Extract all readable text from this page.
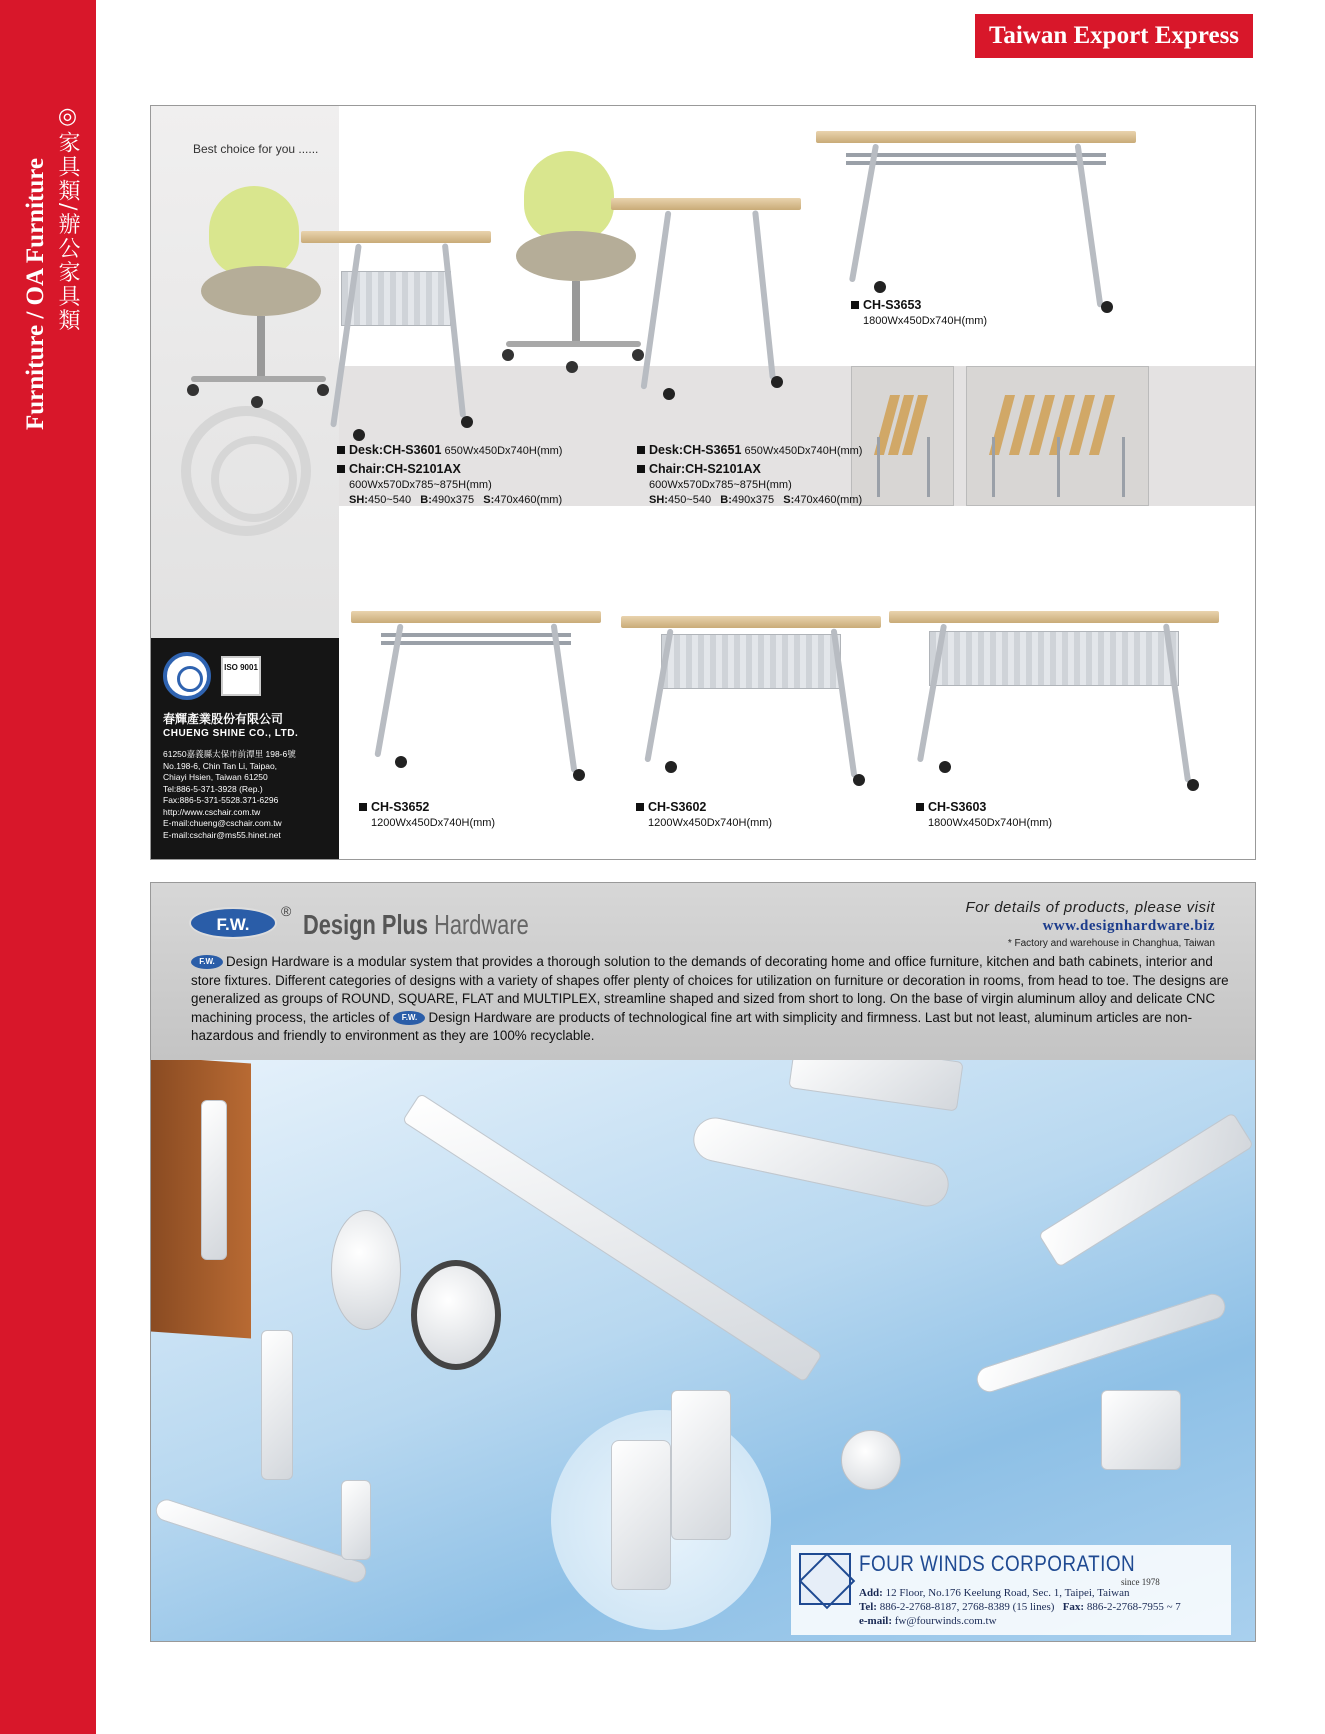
Furniture / OA Furniture ◎家具類/辦公家具類
Taiwan Export Express
Best choice for you ......
CH-S3653
1800Wx450Dx740H(mm)
Desk:CH-S3601 650Wx450Dx740H(mm)
Chair:CH-S2101AX
600Wx570Dx785~875H(mm)
SH:450~540 B:490x375 S:470x460(mm)
Desk:CH-S3651 650Wx450Dx740H(mm)
Chair:CH-S2101AX
600Wx570Dx785~875H(mm)
SH:450~540 B:490x375 S:470x460(mm)
CH-S3652
1200Wx450Dx740H(mm)
CH-S3602
1200Wx450Dx740H(mm)
CH-S3603
1800Wx450Dx740H(mm)
ISO 9001
春輝產業股份有限公司
CHUENG SHINE CO., LTD.
61250嘉義縣太保市前潭里 198-6號
No.198-6, Chin Tan Li, Taipao,
Chiayi Hsien, Taiwan 61250
Tel:886-5-371-3928 (Rep.)
Fax:886-5-371-5528.371-6296
http://www.cschair.com.tw
E-mail:chueng@cschair.com.tw
E-mail:cschair@ms55.hinet.net
F.W.
® Design Plus Hardware
For details of products, please visit
www.designhardware.biz
* Factory and warehouse in Changhua, Taiwan
F.W. Design Hardware is a modular system that provides a thorough solution to the demands of decorating home and office furniture, kitchen and bath cabinets, interior and store fixtures. Different categories of designs with a variety of shapes offer plenty of choices for utilization on furniture or decoration in rooms, from head to toe. The designs are generalized as groups of ROUND, SQUARE, FLAT and MULTIPLEX, streamline shaped and sized from short to long. On the base of virgin aluminum alloy and delicate CNC machining process, the articles of F.W. Design Hardware are products of technological fine art with simplicity and firmness. Last but not least, aluminum articles are non-hazardous and friendly to environment as they are 100% recyclable.
FOUR WINDS CORPORATION
since 1978
Add: 12 Floor, No.176 Keelung Road, Sec. 1, Taipei, Taiwan
Tel: 886-2-2768-8187, 2768-8389 (15 lines) Fax: 886-2-2768-7955 ~ 7
e-mail: fw@fourwinds.com.tw
